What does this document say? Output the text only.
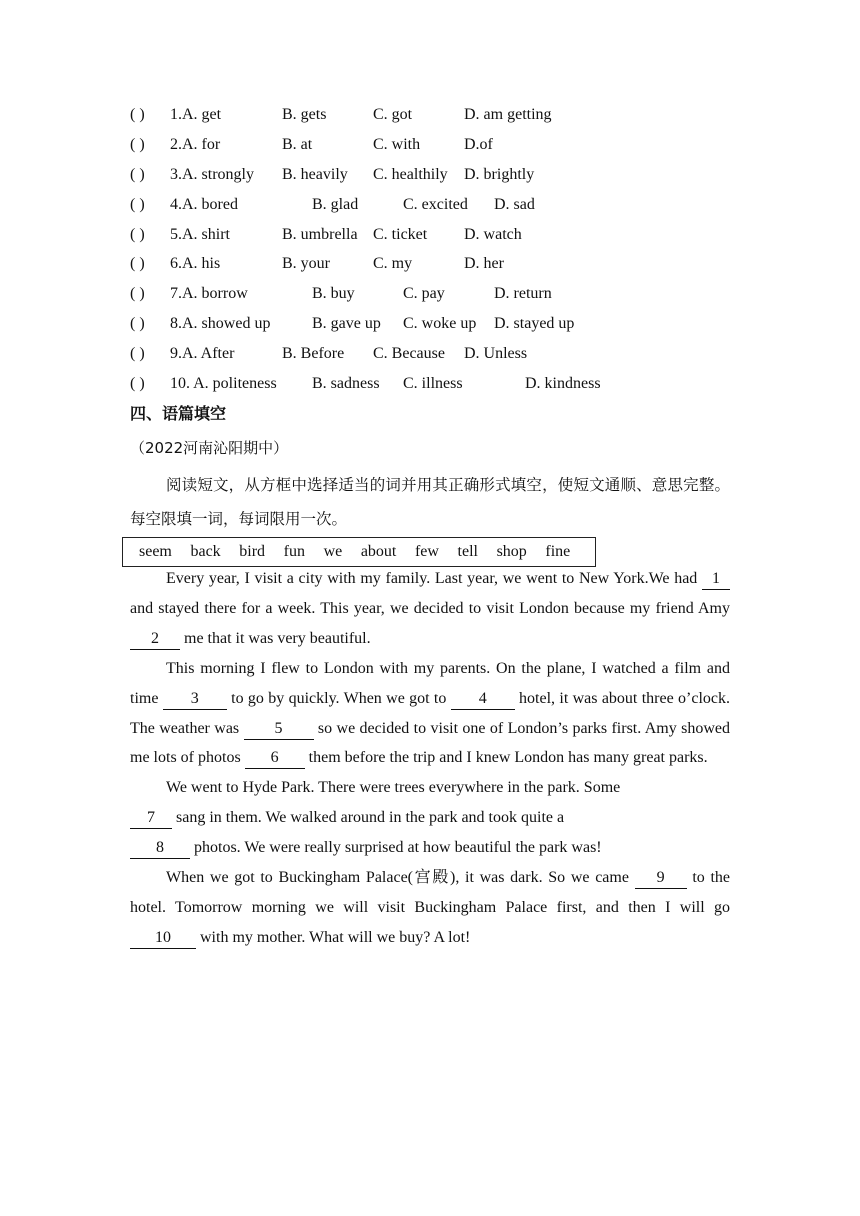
( ) 1.A. get	B. gets	C. got	D. am getting
( ) 2.A. for	B. at	C. with	D.of
( ) 3.A. strongly B. heavily C. healthily D. brightly
( ) 4.A. bored	B. glad	C. excited D. sad
( ) 5.A. shirt	B. umbrella C. ticket D. watch
( ) 6.A. his	B. your	C. my	D. her
( ) 7.A. borrow	B. buy	C. pay	D. return
( ) 8.A. showed up	B. gave up C. woke up D. stayed up
( ) 9.A. After	B. Before C. Because D. Unless
( ) 10. A. politeness B. sadness C. illness	D. kindness
四、语篇填空
（2022河南沁阳期中）
阅读短文，从方框中选择适当的词并用其正确形式填空，使短文通顺、意思完整。每空限填一词，每词限用一次。
seem back bird fun we about few tell shop fine

Every year, I visit a city with my family. Last year, we went to New York.We had 1and stayed there for a week. This year, we decided to visit London because my friend Amy2 me that it was very beautiful.

This morning I flew to London with my parents. On the plane, I watched a film and time 3 to go by quickly. When we got to 4 hotel, it was about three o’clock. The weather was 5 so we decided to visit one of London’s parks first. Amy showed me lots of photos 6 them before the trip and I knew London has many great parks.

We went to Hyde Park. There were trees everywhere in the park. Some

7 sang in them. We walked around in the park and took quite a

8 photos. We were really surprised at how beautiful the park was!

When we got to Buckingham Palace(宫殿), it was dark. So we came 9 to the hotel. Tomorrow morning we will visit Buckingham Palace first, and then I will go 10 with my mother. What will we buy? A lot!
